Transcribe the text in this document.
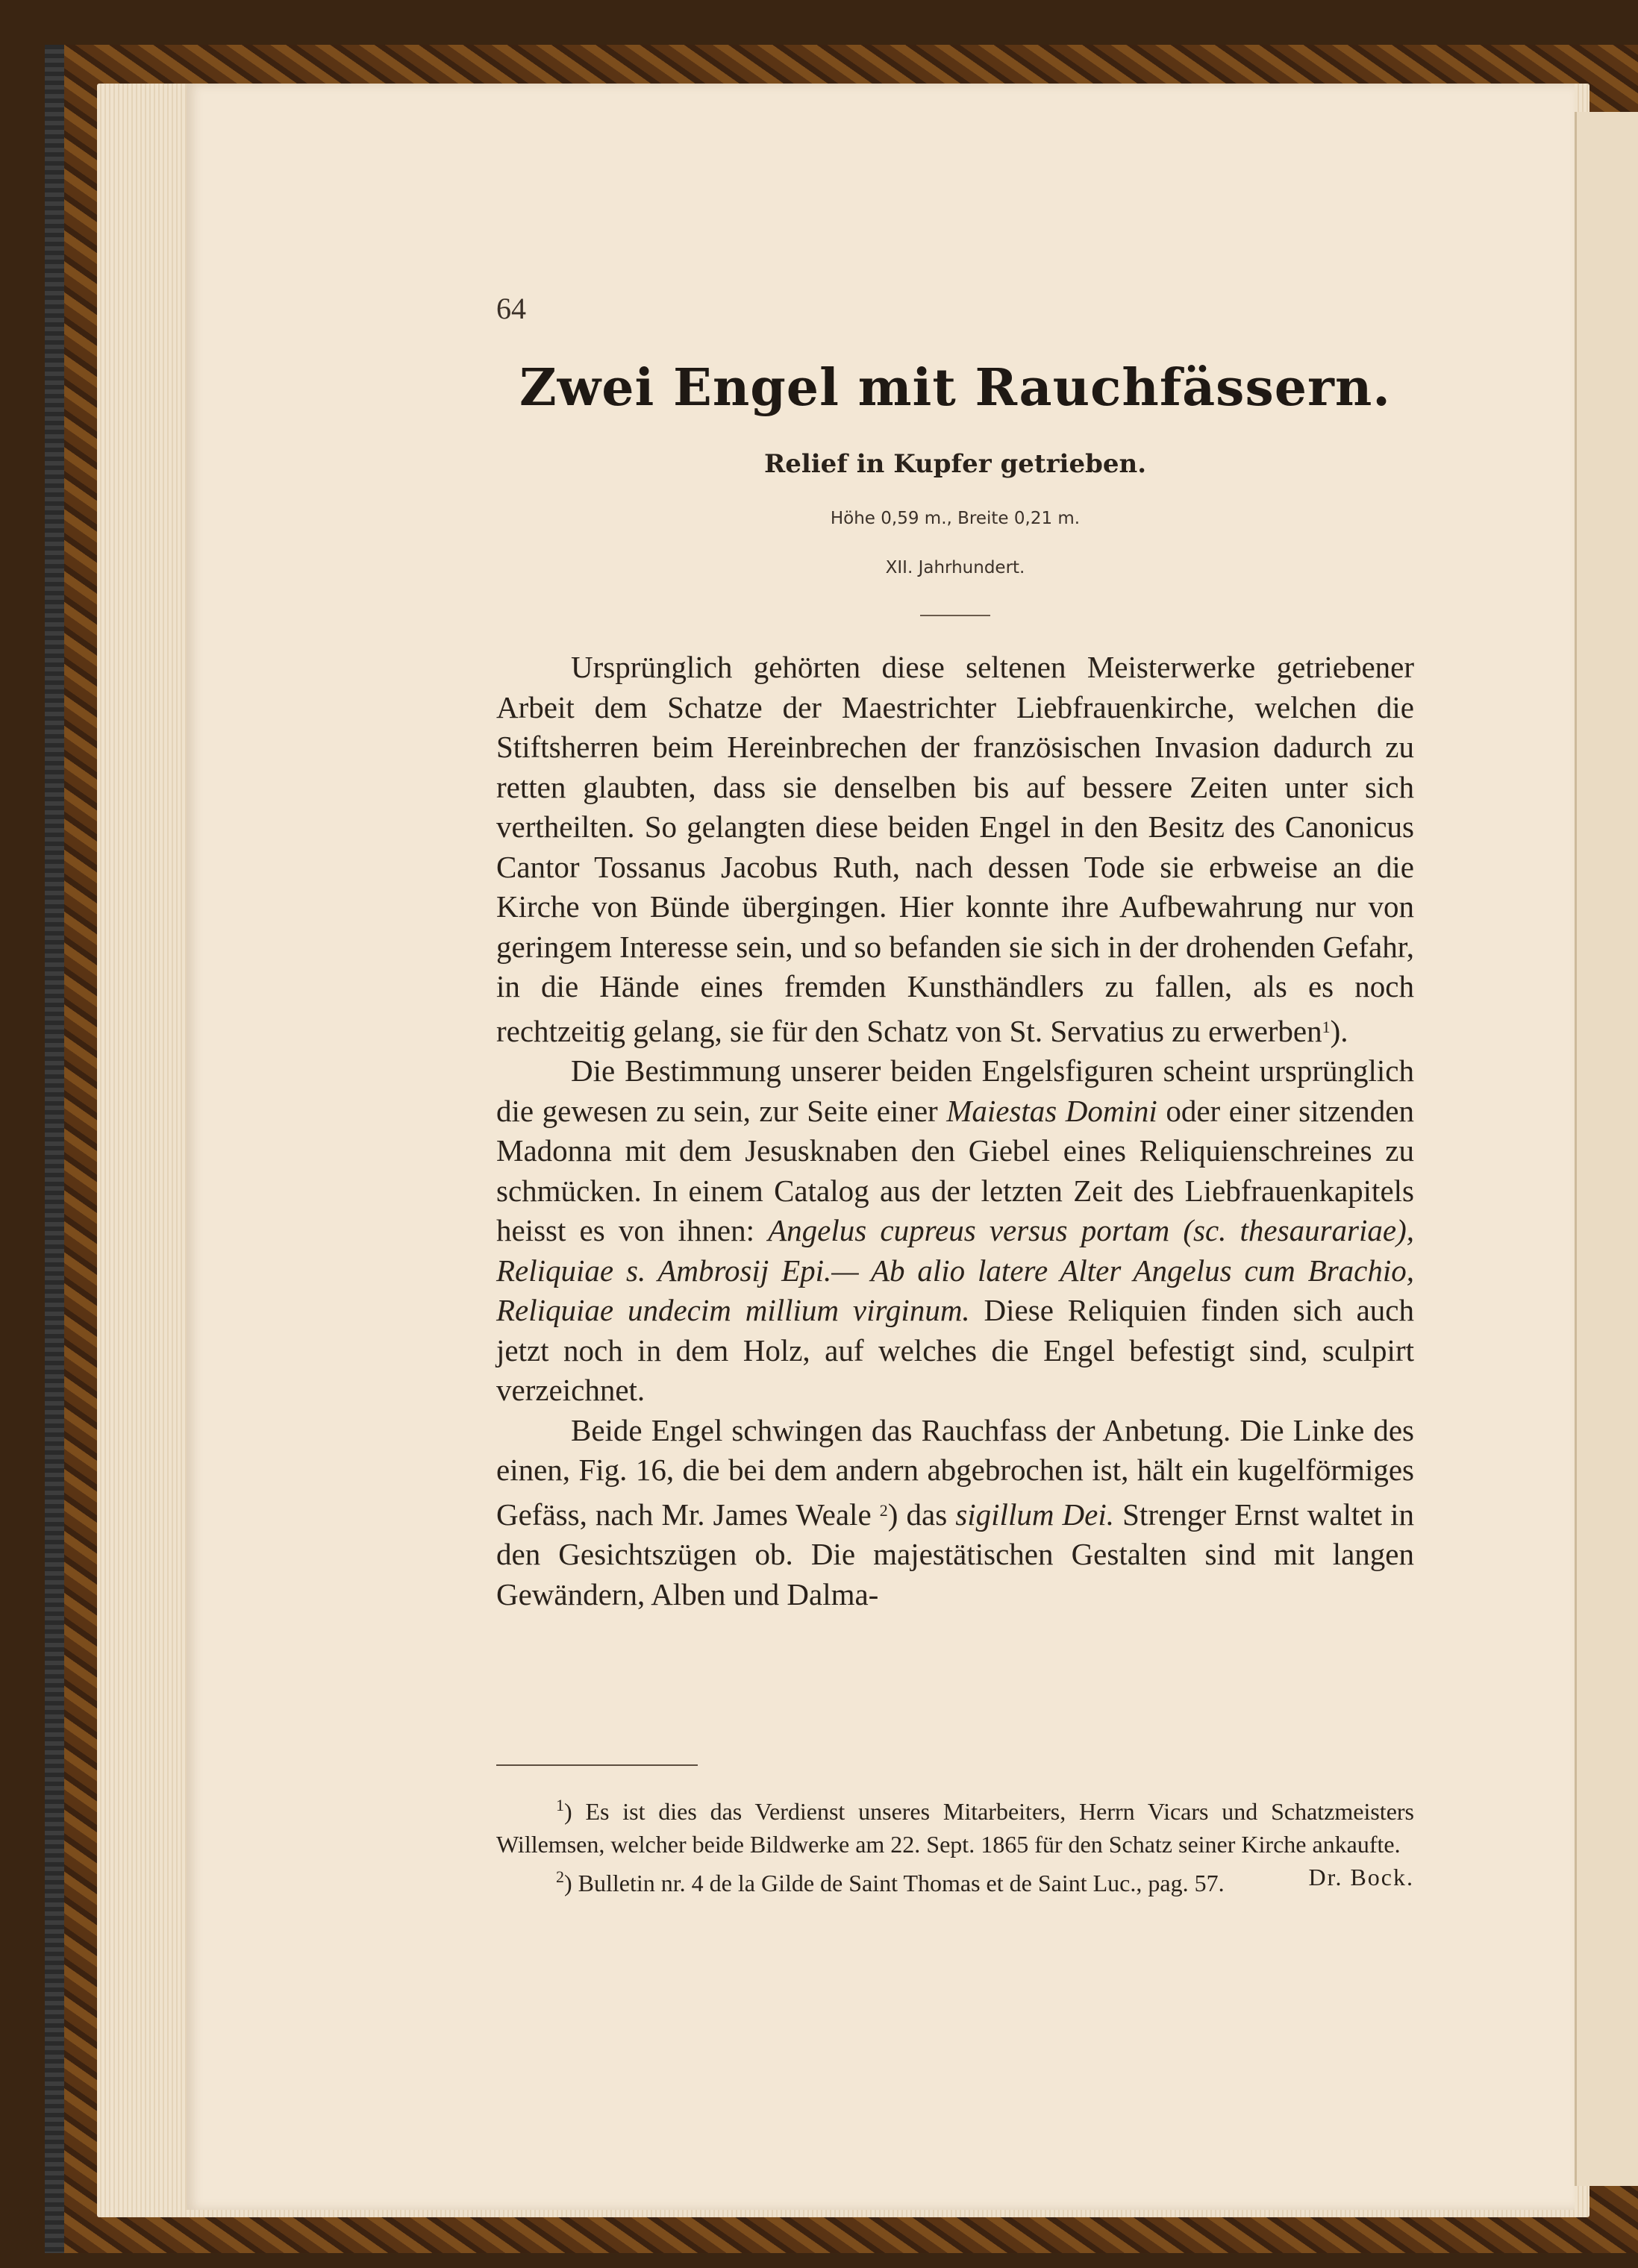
64
Zwei Engel mit Rauchfässern.
Relief in Kupfer getrieben.
Höhe 0,59 m., Breite 0,21 m.
XII. Jahrhundert.

Ursprünglich gehörten diese seltenen Meisterwerke getriebener Arbeit dem Schatze der Maestrichter Liebfrauenkirche, welchen die Stiftsherren beim Hereinbrechen der französischen Invasion dadurch zu retten glaubten, dass sie denselben bis auf bessere Zeiten unter sich vertheilten. So gelangten diese beiden Engel in den Besitz des Canonicus Cantor Tossanus Jacobus Ruth, nach dessen Tode sie erbweise an die Kirche von Bünde übergingen. Hier konnte ihre Aufbewahrung nur von geringem Interesse sein, und so befanden sie sich in der drohenden Gefahr, in die Hände eines fremden Kunsthändlers zu fallen, als es noch rechtzeitig gelang, sie für den Schatz von St. Servatius zu erwerben$^1$).

Die Bestimmung unserer beiden Engelsfiguren scheint ursprünglich die gewesen zu sein, zur Seite einer Maiestas Domini oder einer sitzenden Madonna mit dem Jesusknaben den Giebel eines Reliquienschreines zu schmücken. In einem Catalog aus der letzten Zeit des Liebfrauenkapitels heisst es von ihnen: Angelus cupreus versus portam (sc. thesaurariae), Reliquiae s. Ambrosij Epi.— Ab alio latere Alter Angelus cum Brachio, Reliquiae undecim millium virginum. Diese Reliquien finden sich auch jetzt noch in dem Holz, auf welches die Engel befestigt sind, sculpirt verzeichnet.

Beide Engel schwingen das Rauchfass der Anbetung. Die Linke des einen, Fig. 16, die bei dem andern abgebrochen ist, hält ein kugelförmiges Gefäss, nach Mr. James Weale $^2$) das sigillum Dei. Strenger Ernst waltet in den Gesichtszügen ob. Die majestätischen Gestalten sind mit langen Gewändern, Alben und Dalma-

$^1$) Es ist dies das Verdienst unseres Mitarbeiters, Herrn Vicars und Schatzmeisters Willemsen, welcher beide Bildwerke am 22. Sept. 1865 für den Schatz seiner Kirche ankaufte.
Dr. Bock.

$^2$) Bulletin nr. 4 de la Gilde de Saint Thomas et de Saint Luc., pag. 57.
